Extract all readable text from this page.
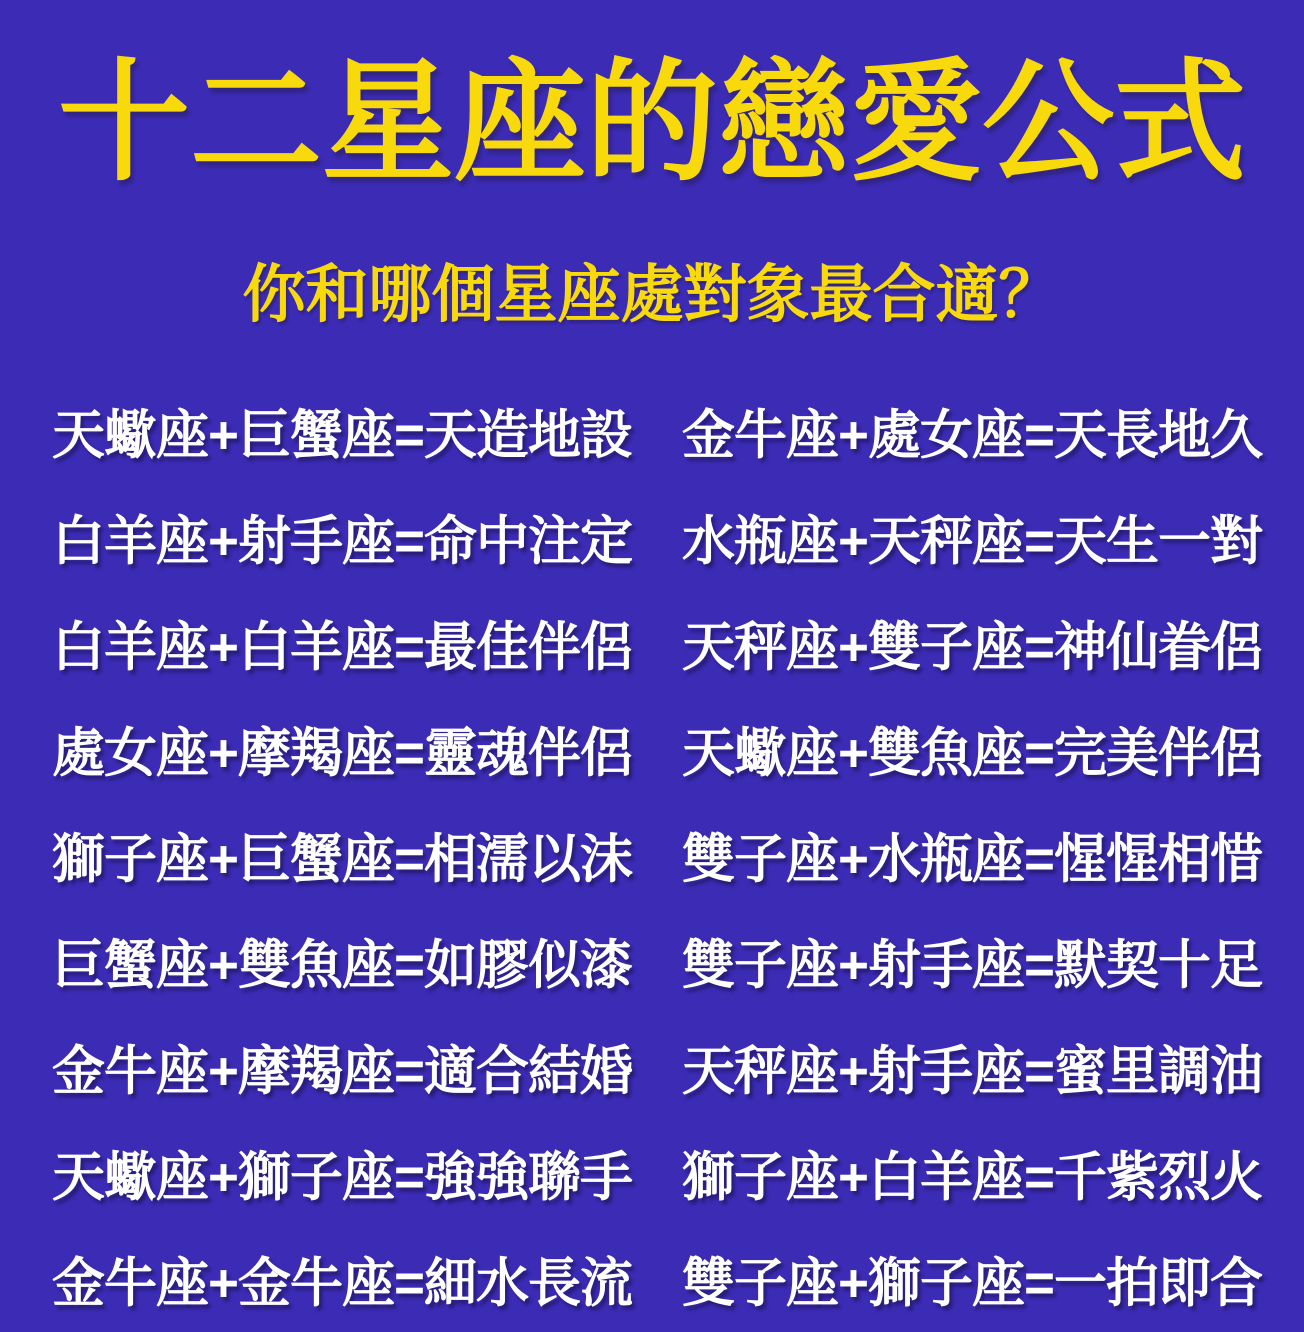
十二星座的戀愛公式
你和哪個星座處對象最合適？
天蠍座+巨蟹座=天造地設 金牛座+處女座=天長地久
白羊座+射手座=命中注定 水瓶座+天秤座=天生一對
白羊座+白羊座=最佳伴侶 天秤座+雙子座=神仙眷侶
處女座+摩羯座=靈魂伴侶 天蠍座+雙魚座=完美伴侶
獅子座+巨蟹座=相濡以沫 雙子座+水瓶座=惺惺相惜
巨蟹座+雙魚座=如膠似漆 雙子座+射手座=默契十足
金牛座+摩羯座=適合結婚 天秤座+射手座=蜜里調油
天蠍座+獅子座=強強聯手 獅子座+白羊座=千紫烈火
金牛座+金牛座=細水長流 雙子座+獅子座=一拍即合
